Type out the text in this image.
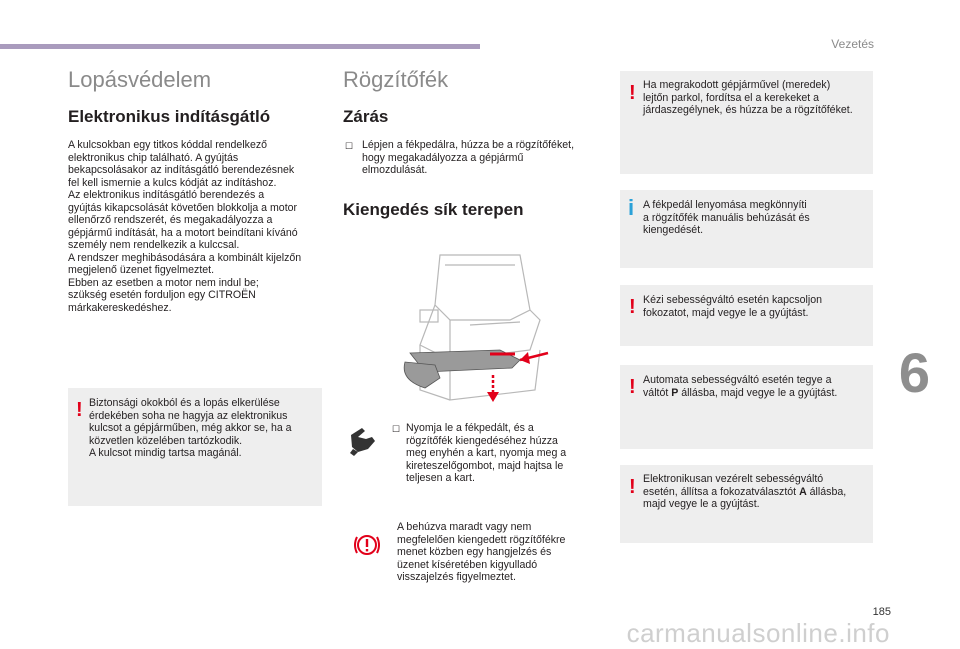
Vezetés
6
Lopásvédelem
Elektronikus indításgátló
A kulcsokban egy titkos kóddal rendelkező
elektronikus chip található. A gyújtás
bekapcsolásakor az indításgátló berendezésnek
fel kell ismernie a kulcs kódját az indításhoz.
Az elektronikus indításgátló berendezés a
gyújtás kikapcsolását követően blokkolja a motor
ellenőrző rendszerét, és megakadályozza a
gépjármű indítását, ha a motort beindítani kívánó
személy nem rendelkezik a kulccsal.
A rendszer meghibásodására a kombinált kijelzőn
megjelenő üzenet figyelmeztet.
Ebben az esetben a motor nem indul be;
szükség esetén forduljon egy CITROËN
márkakereskedéshez.
! Biztonsági okokból és a lopás elkerülése
érdekében soha ne hagyja az elektronikus
kulcsot a gépjárműben, még akkor se, ha a
közvetlen közelében tartózkodik.
A kulcsot mindig tartsa magánál.
Rögzítőfék
Zárás
☐ Lépjen a fékpedálra, húzza be a rögzítőféket,
hogy megakadályozza a gépjármű
elmozdulását.
Kiengedés sík terepen
☐ Nyomja le a fékpedált, és a
rögzítőfék kiengedéséhez húzza
meg enyhén a kart, nyomja meg a
kireteszelőgombot, majd hajtsa le
teljesen a kart.
A behúzva maradt vagy nem
megfelelően kiengedett rögzítőfékre
menet közben egy hangjelzés és
üzenet kíséretében kigyulladó
visszajelzés figyelmeztet.
! Ha megrakodott gépjárművel (meredek)
lejtőn parkol, fordítsa el a kerekeket a
járdaszegélynek, és húzza be a rögzítőféket.
i A fékpedál lenyomása megkönnyíti
a rögzítőfék manuális behúzását és
kiengedését.
! Kézi sebességváltó esetén kapcsoljon
fokozatot, majd vegye le a gyújtást.
! Automata sebességváltó esetén tegye a
váltót P állásba, majd vegye le a gyújtást.
! Elektronikusan vezérelt sebességváltó
esetén, állítsa a fokozatválasztót A állásba,
majd vegye le a gyújtást.
185
carmanualsonline.info
